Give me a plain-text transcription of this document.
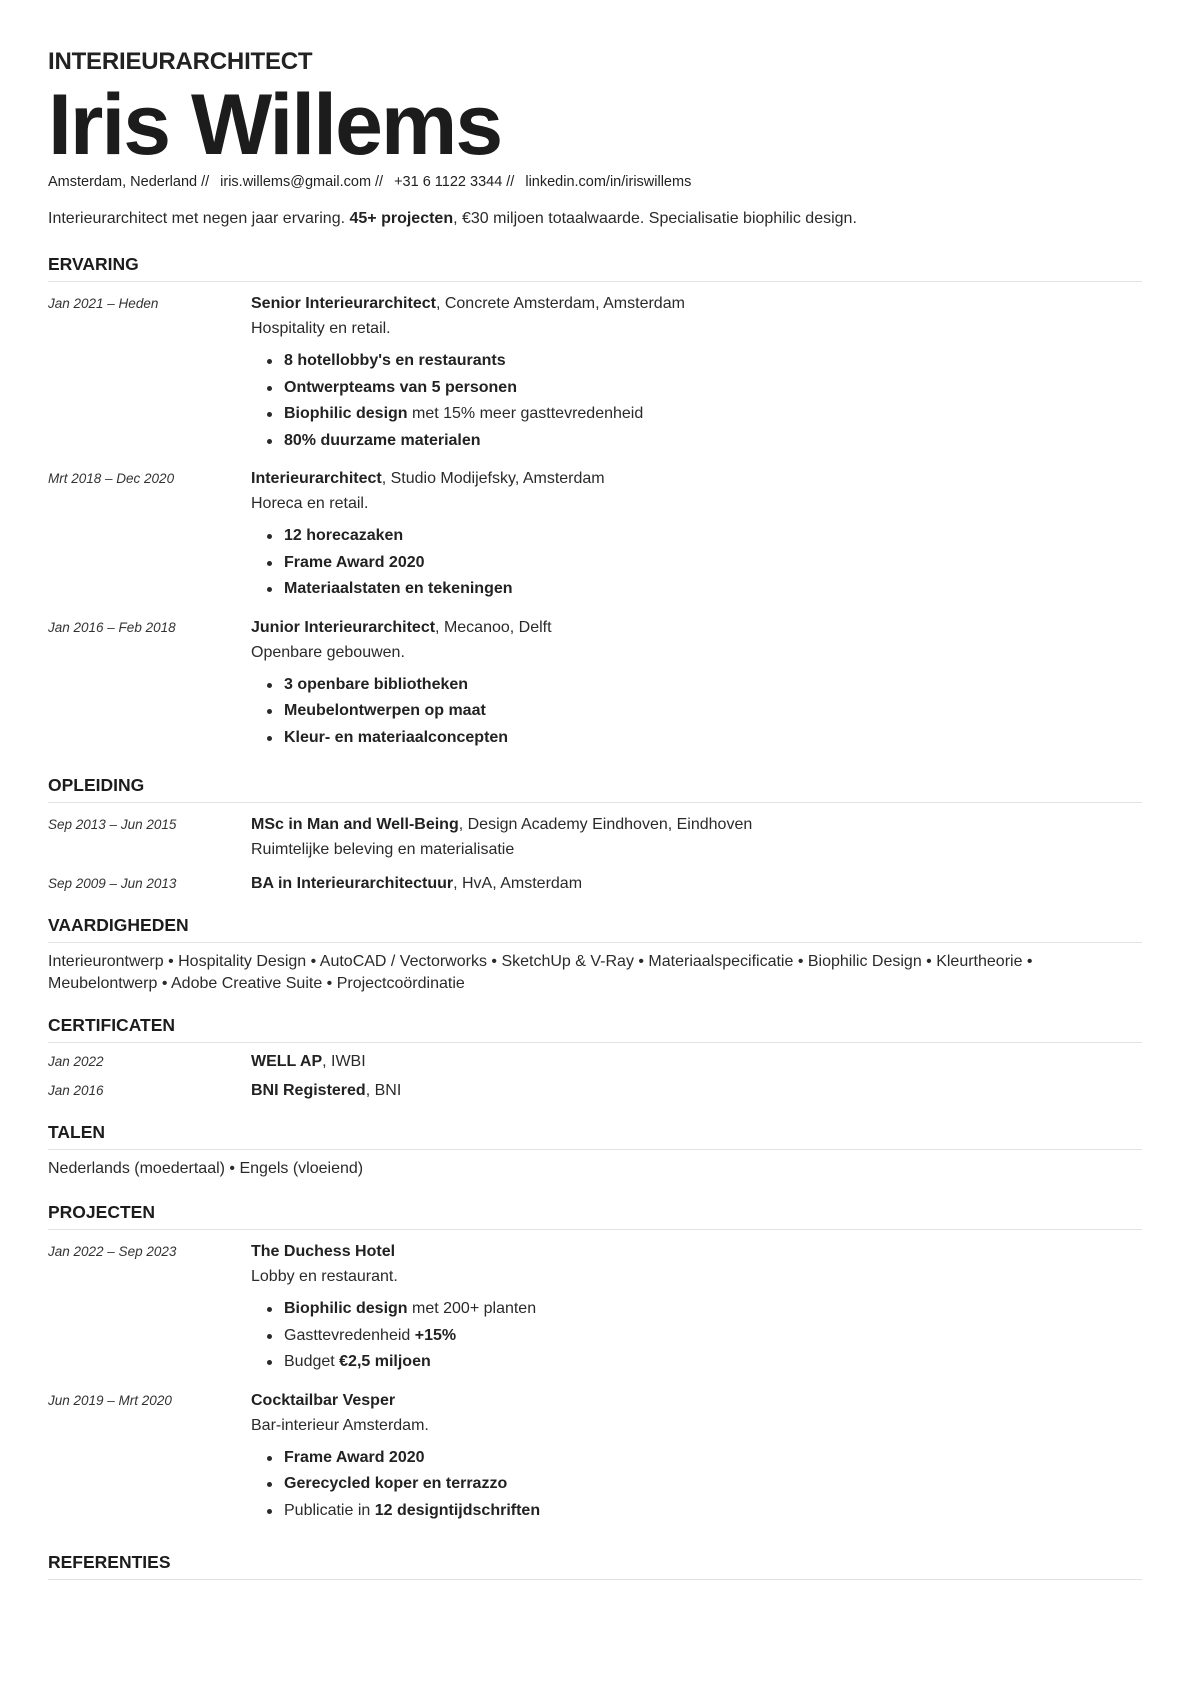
INTERIEURARCHITECT
Iris Willems
Amsterdam, Nederland // iris.willems@gmail.com // +31 6 1122 3344 // linkedin.com/in/iriswillems
Interieurarchitect met negen jaar ervaring. 45+ projecten, €30 miljoen totaalwaarde. Specialisatie biophilic design.
ERVARING
Jan 2021 – Heden	Senior Interieurarchitect, Concrete Amsterdam, Amsterdam
Hospitality en retail.
8 hotellobby's en restaurants
Ontwerpteams van 5 personen
Biophilic design met 15% meer gasttevredenheid
80% duurzame materialen
Mrt 2018 – Dec 2020	Interieurarchitect, Studio Modijefsky, Amsterdam
Horeca en retail.
12 horecazaken
Frame Award 2020
Materiaalstaten en tekeningen
Jan 2016 – Feb 2018	Junior Interieurarchitect, Mecanoo, Delft
Openbare gebouwen.
3 openbare bibliotheken
Meubelontwerpen op maat
Kleur- en materiaalconcepten
OPLEIDING
Sep 2013 – Jun 2015	MSc in Man and Well-Being, Design Academy Eindhoven, Eindhoven
Ruimtelijke beleving en materialisatie
Sep 2009 – Jun 2013	BA in Interieurarchitectuur, HvA, Amsterdam
VAARDIGHEDEN
Interieurontwerp • Hospitality Design • AutoCAD / Vectorworks • SketchUp & V-Ray • Materiaalspecificatie • Biophilic Design • Kleurtheorie • Meubelontwerp • Adobe Creative Suite • Projectcoördinatie
CERTIFICATEN
Jan 2022	WELL AP, IWBI
Jan 2016	BNI Registered, BNI
TALEN
Nederlands (moedertaal) • Engels (vloeiend)
PROJECTEN
Jan 2022 – Sep 2023	The Duchess Hotel
Lobby en restaurant.
Biophilic design met 200+ planten
Gasttevredenheid +15%
Budget €2,5 miljoen
Jun 2019 – Mrt 2020	Cocktailbar Vesper
Bar-interieur Amsterdam.
Frame Award 2020
Gerecycled koper en terrazzo
Publicatie in 12 designtijdschriften
REFERENTIES
